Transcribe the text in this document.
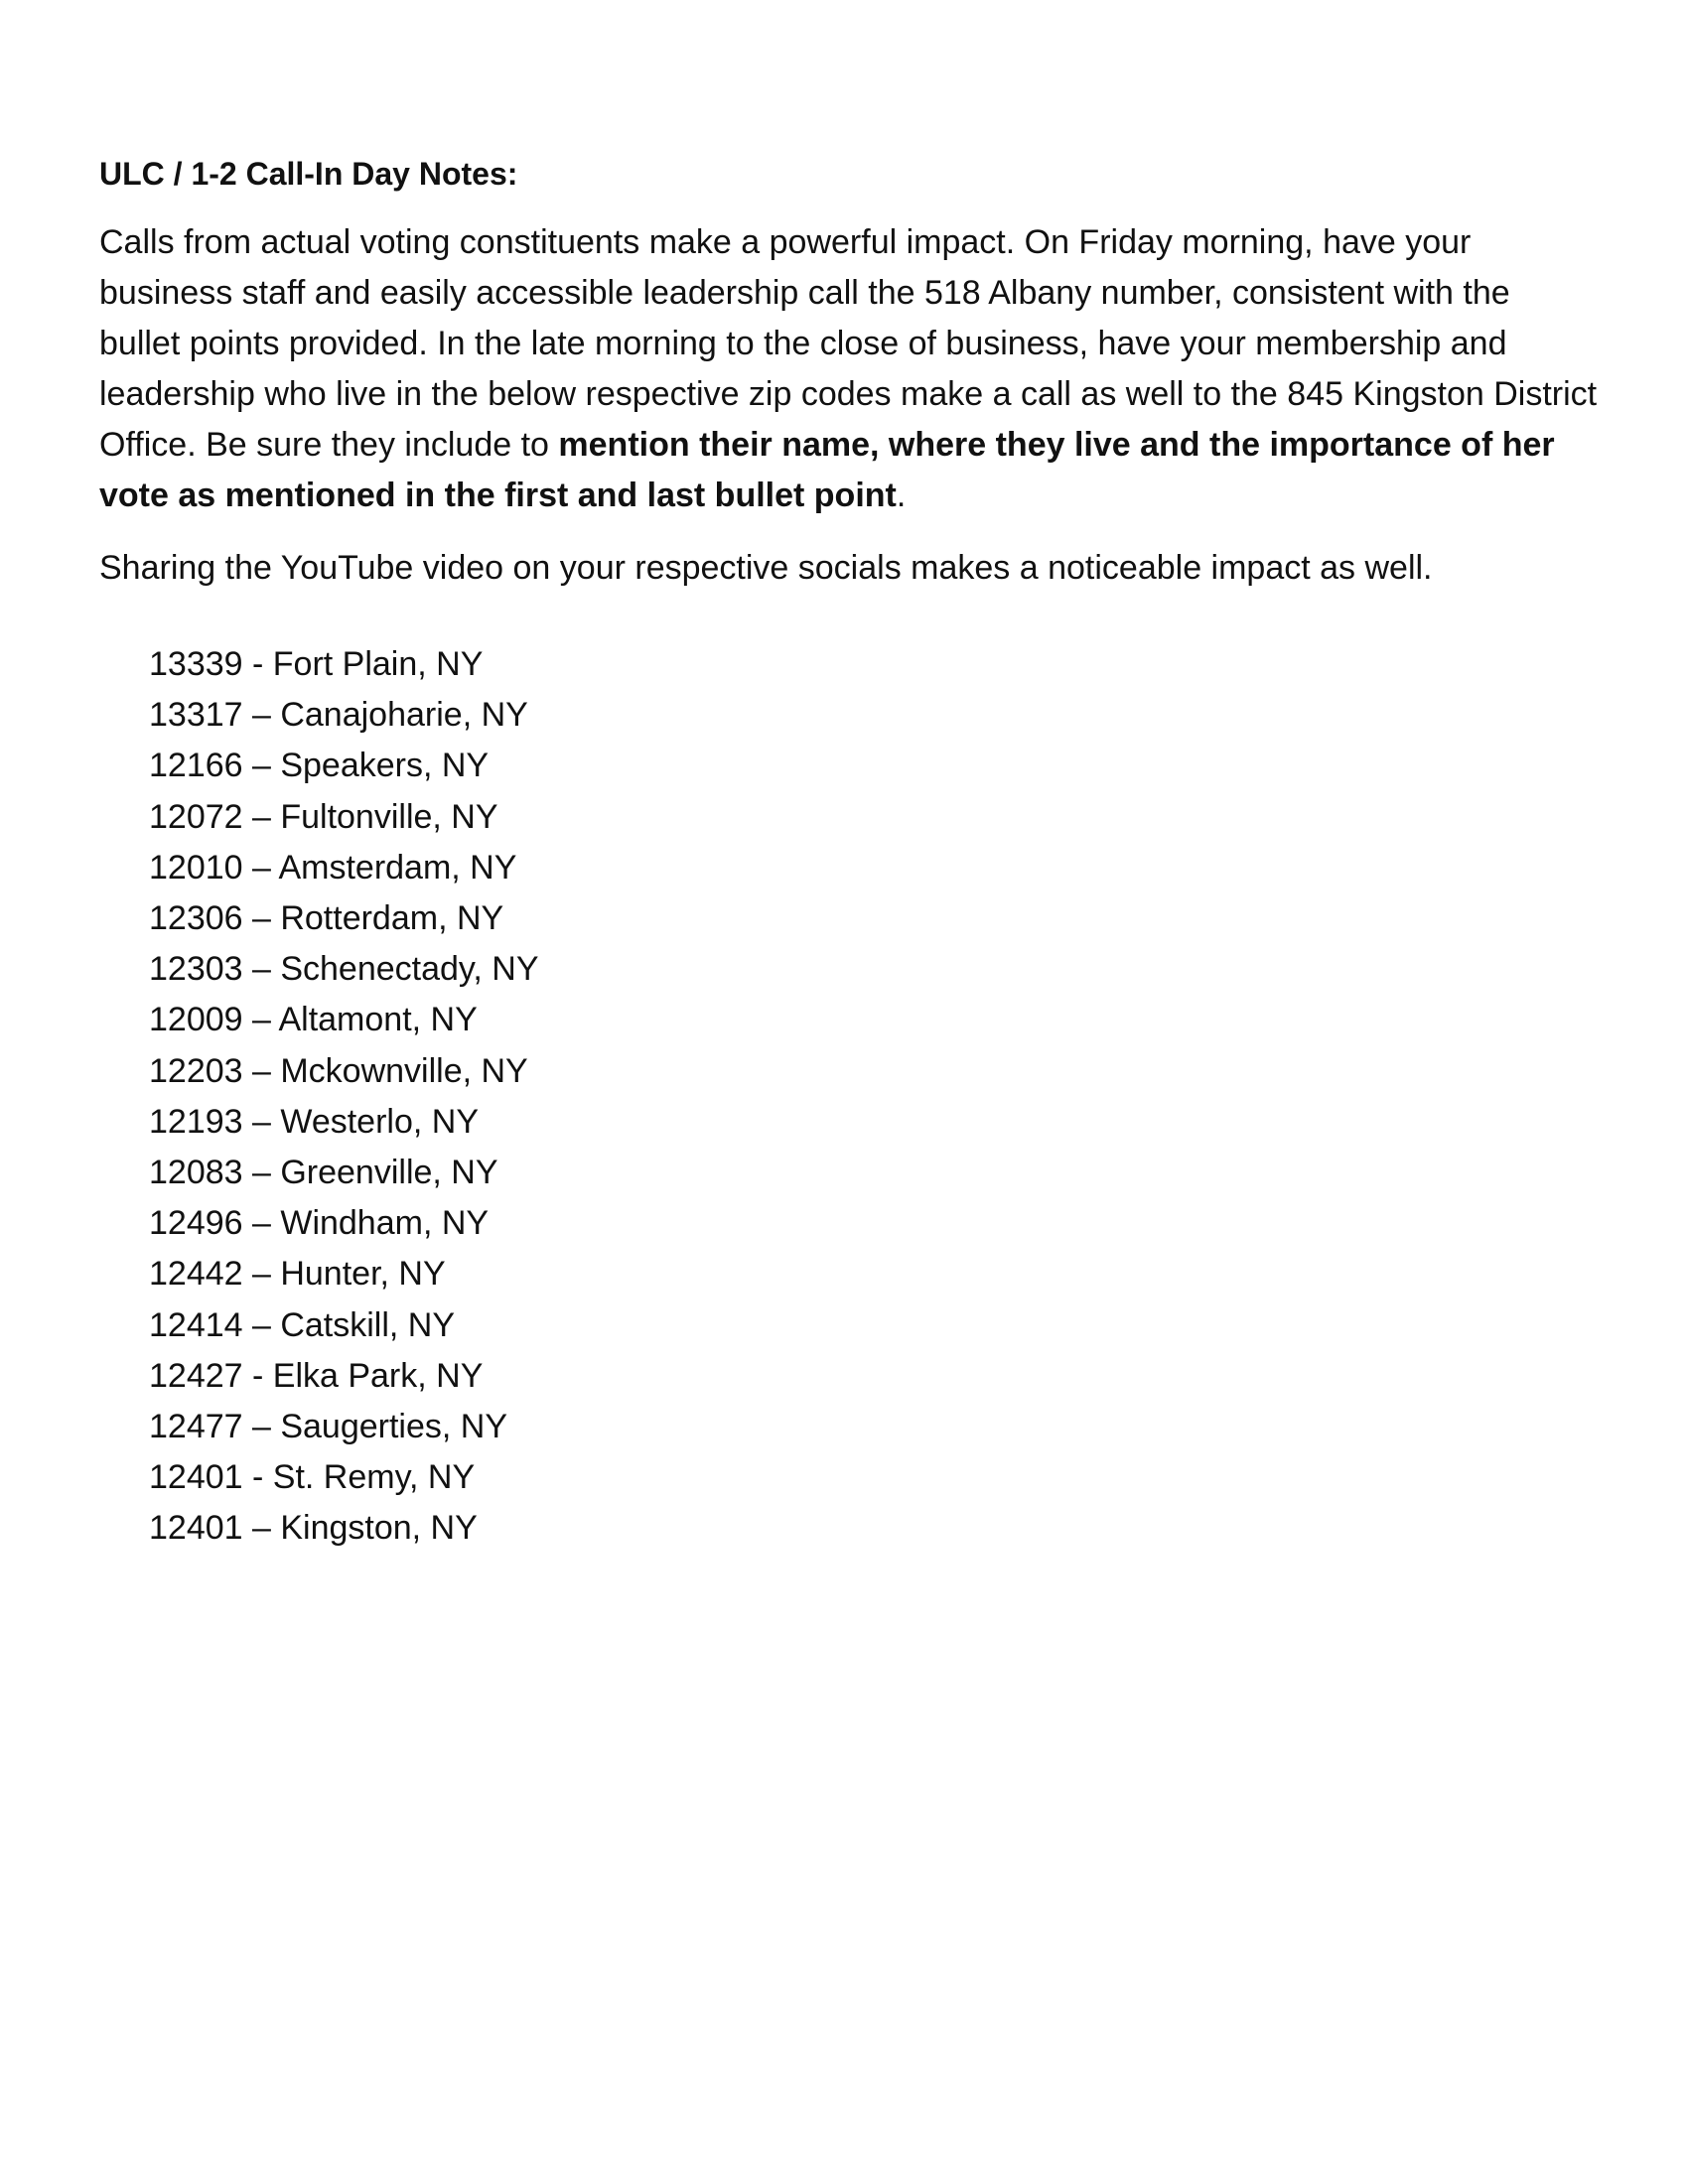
ULC / 1-2 Call-In Day Notes:

Calls from actual voting constituents make a powerful impact. On Friday morning, have your business staff and easily accessible leadership call the 518 Albany number, consistent with the bullet points provided. In the late morning to the close of business, have your membership and leadership who live in the below respective zip codes make a call as well to the 845 Kingston District Office. Be sure they include to mention their name, where they live and the importance of her vote as mentioned in the first and last bullet point.

Sharing the YouTube video on your respective socials makes a noticeable impact as well.

13339 - Fort Plain, NY
13317 – Canajoharie, NY
12166 – Speakers, NY
12072 – Fultonville, NY
12010 – Amsterdam, NY
12306 – Rotterdam, NY
12303 – Schenectady, NY
12009 – Altamont, NY
12203 – Mckownville, NY
12193 – Westerlo, NY
12083 – Greenville, NY
12496 – Windham, NY
12442 – Hunter, NY
12414 – Catskill, NY
12427 - Elka Park, NY
12477 – Saugerties, NY
12401 - St. Remy, NY
12401 – Kingston, NY
